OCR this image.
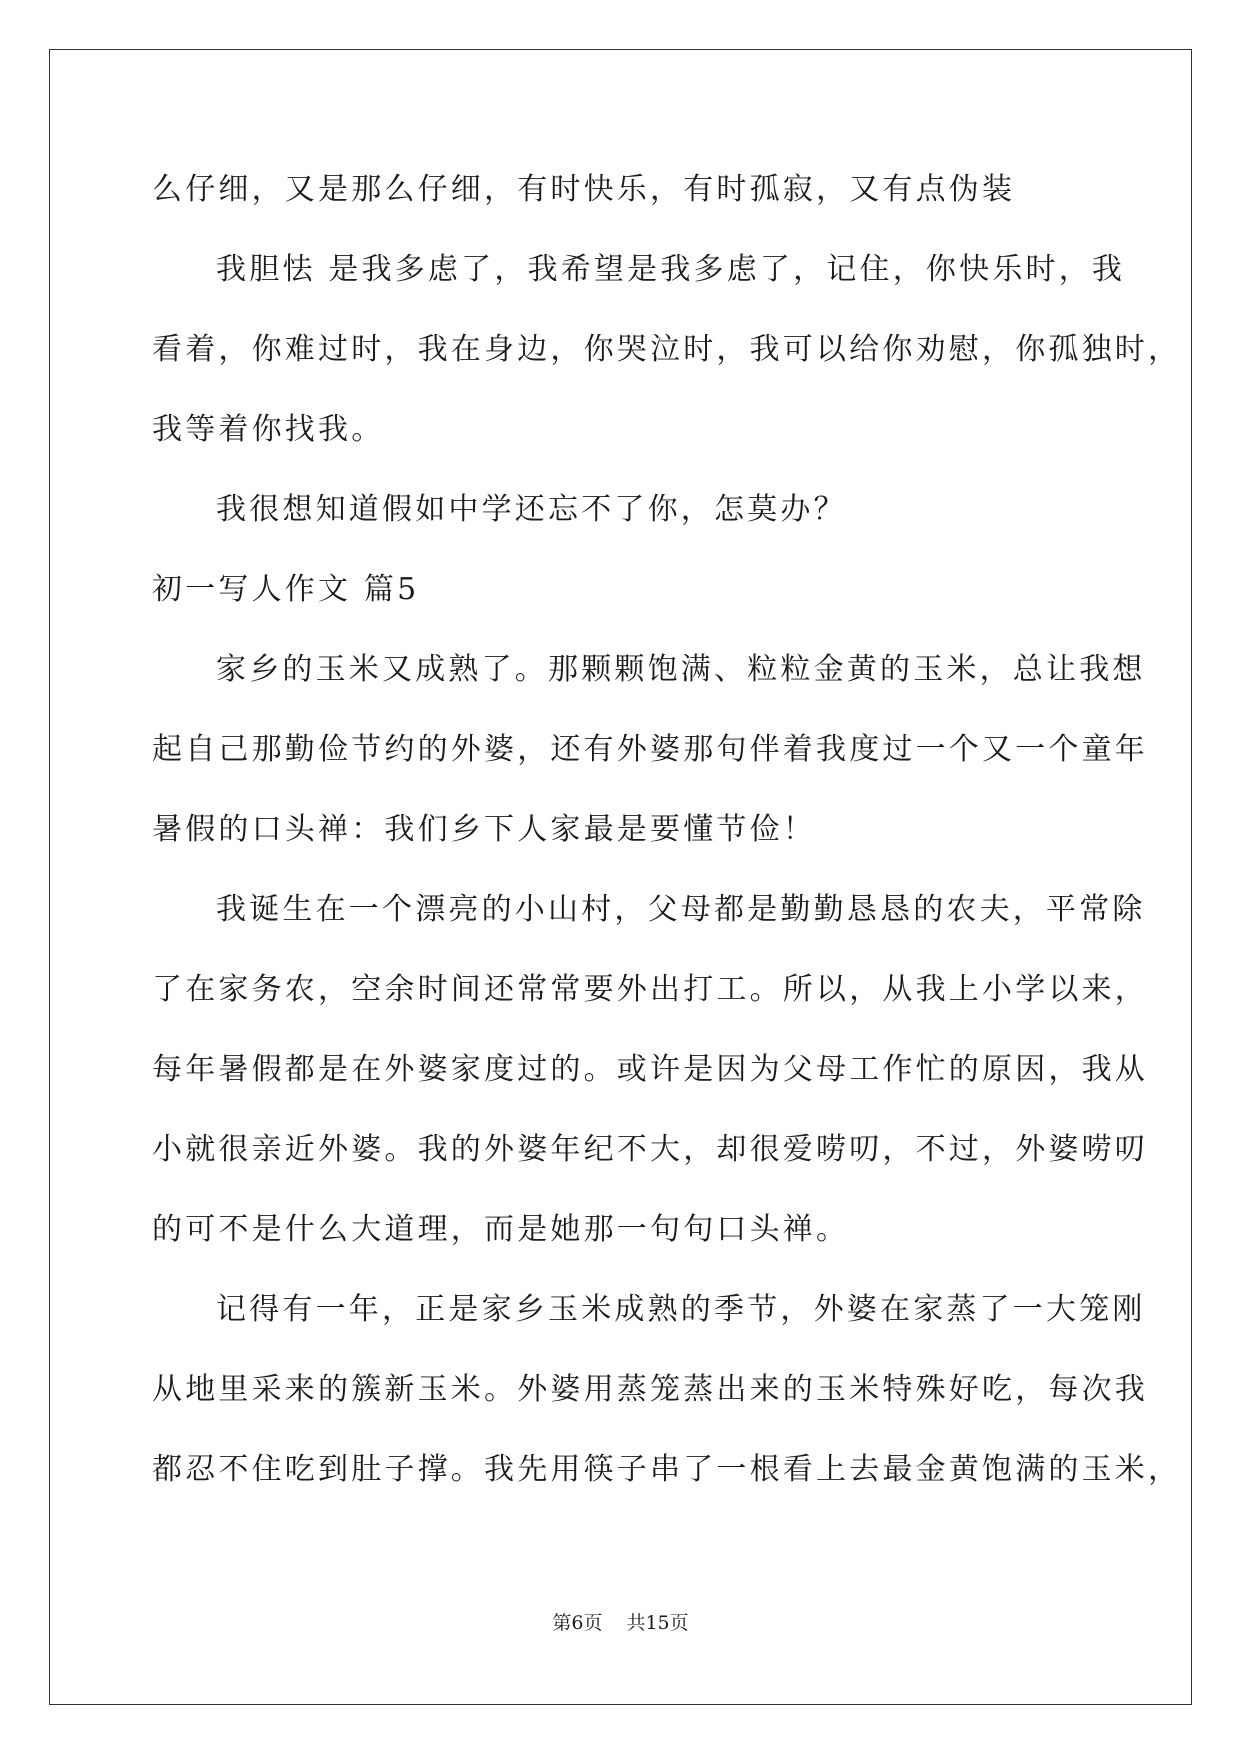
么仔细，又是那么仔细，有时快乐，有时孤寂，又有点伪装
我胆怯 是我多虑了，我希望是我多虑了，记住，你快乐时，我
看着，你难过时，我在身边，你哭泣时，我可以给你劝慰，你孤独时，
我等着你找我。
我很想知道假如中学还忘不了你，怎莫办？
初一写人作文 篇5
家乡的玉米又成熟了。那颗颗饱满、粒粒金黄的玉米，总让我想
起自己那勤俭节约的外婆，还有外婆那句伴着我度过一个又一个童年
暑假的口头禅：我们乡下人家最是要懂节俭！
我诞生在一个漂亮的小山村，父母都是勤勤恳恳的农夫，平常除
了在家务农，空余时间还常常要外出打工。所以，从我上小学以来，
每年暑假都是在外婆家度过的。或许是因为父母工作忙的原因，我从
小就很亲近外婆。我的外婆年纪不大，却很爱唠叨，不过，外婆唠叨
的可不是什么大道理，而是她那一句句口头禅。
记得有一年，正是家乡玉米成熟的季节，外婆在家蒸了一大笼刚
从地里采来的簇新玉米。外婆用蒸笼蒸出来的玉米特殊好吃，每次我
都忍不住吃到肚子撑。我先用筷子串了一根看上去最金黄饱满的玉米，
第6页 共15页
